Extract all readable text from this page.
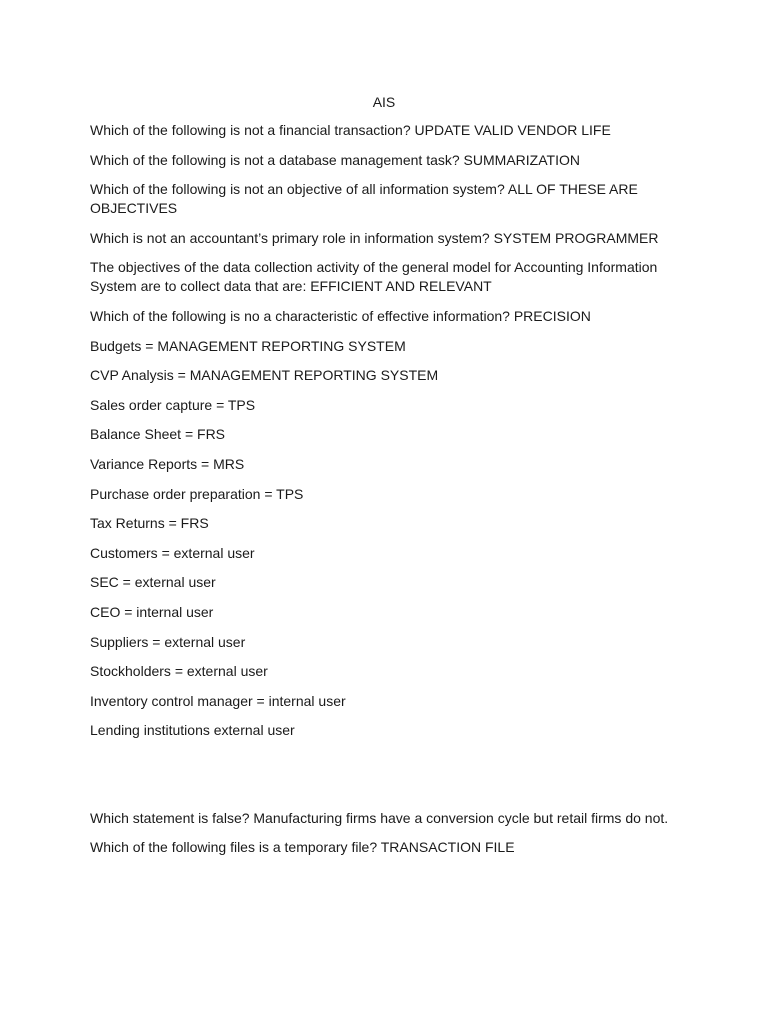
AIS

Which of the following is not a financial transaction? UPDATE VALID VENDOR LIFE

Which of the following is not a database management task? SUMMARIZATION

Which of the following is not an objective of all information system? ALL OF THESE ARE OBJECTIVES

Which is not an accountant’s primary role in information system? SYSTEM PROGRAMMER

The objectives of the data collection activity of the general model for Accounting Information System are to collect data that are: EFFICIENT AND RELEVANT

Which of the following is no a characteristic of effective information? PRECISION

Budgets = MANAGEMENT REPORTING SYSTEM

CVP Analysis = MANAGEMENT REPORTING SYSTEM

Sales order capture = TPS

Balance Sheet = FRS

Variance Reports = MRS

Purchase order preparation = TPS

Tax Returns = FRS

Customers = external user

SEC = external user

CEO = internal user

Suppliers = external user

Stockholders = external user

Inventory control manager = internal user

Lending institutions external user

Which statement is false? Manufacturing firms have a conversion cycle but retail firms do not.

Which of the following files is a temporary file? TRANSACTION FILE
